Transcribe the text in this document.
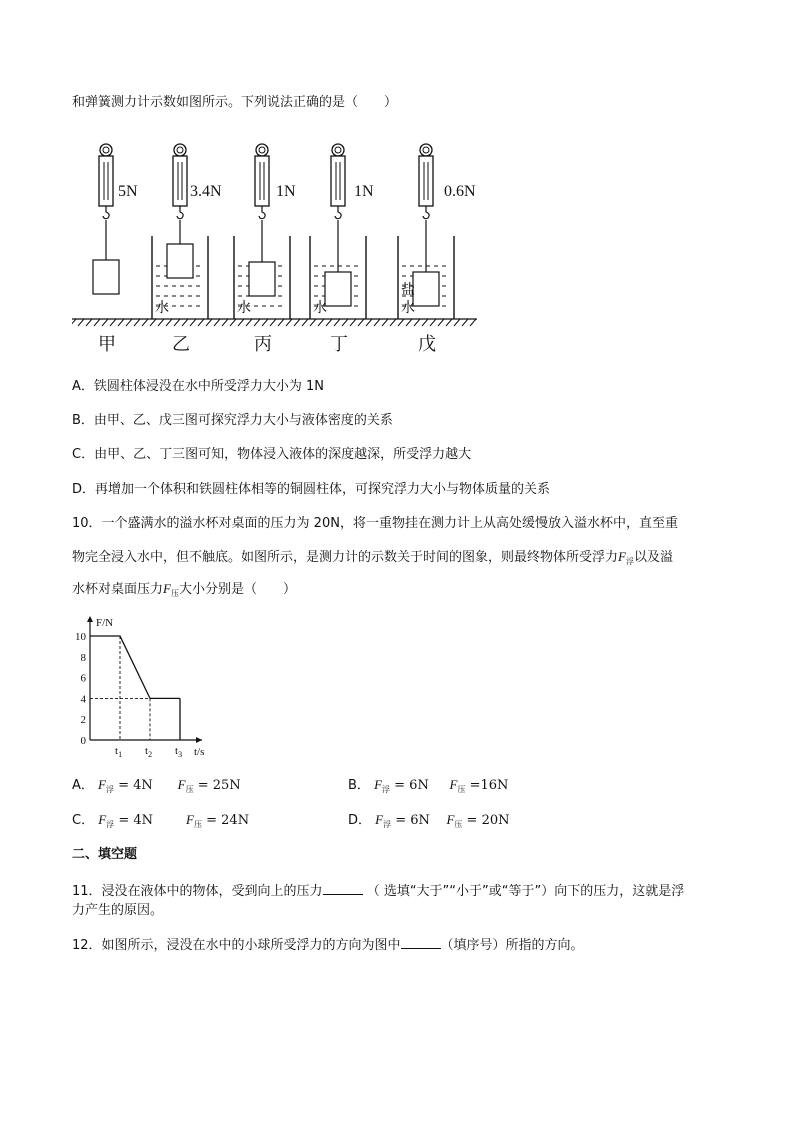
和弹簧测力计示数如图所示。下列说法正确的是（　　）
5N
甲
3.4N
乙
水
1N
丙
水
1N
丁
水
0.6N
戊
盐
水
A．铁圆柱体浸没在水中所受浮力大小为 1N
B．由甲、乙、戊三图可探究浮力大小与液体密度的关系
C．由甲、乙、丁三图可知，物体浸入液体的深度越深，所受浮力越大
D．再增加一个体积和铁圆柱体相等的铜圆柱体，可探究浮力大小与物体质量的关系
10．一个盛满水的溢水杯对桌面的压力为 20N，将一重物挂在测力计上从高处缓慢放入溢水杯中，直至重
物完全浸入水中，但不触底。如图所示，是测力计的示数关于时间的图象，则最终物体所受浮力$F_浮$以及溢
水杯对桌面压力$F_压$大小分别是（　　）
F/N
t/s
10
8
6
4
2
0
$t_1$ $t_2$ $t_3$
A． $F_浮 = 4N$ $F_压 = 25N$	B． $F_浮 = 6N$ $F_压 =16N$
C． $F_浮 = 4N$	$F_压 = 24N$	D． $F_浮 = 6N$ $F_压 = 20N$
二、填空题
11．浸没在液体中的物体，受到向上的压力	（ 选填“大于”“小于”或“等于”）向下的压力，这就是浮
力产生的原因。
12．如图所示，浸没在水中的小球所受浮力的方向为图中	（填序号）所指的方向。
